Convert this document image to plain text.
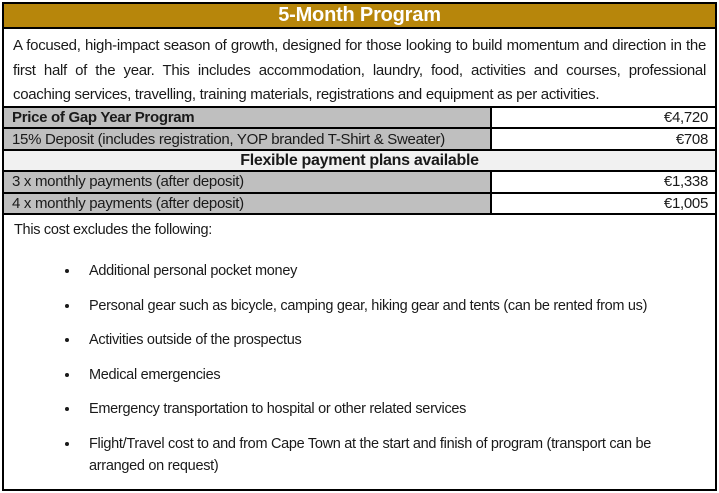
5-Month Program
A focused, high-impact season of growth, designed for those looking to build momentum and direction in the first half of the year. This includes accommodation, laundry, food, activities and courses, professional coaching services, travelling, training materials, registrations and equipment as per activities.
Price of Gap Year Program	€4,720
15% Deposit (includes registration, YOP branded T-Shirt & Sweater)	€708
Flexible payment plans available
3 x monthly payments (after deposit)	€1,338
4 x monthly payments (after deposit)	€1,005
This cost excludes the following:
• Additional personal pocket money
• Personal gear such as bicycle, camping gear, hiking gear and tents (can be rented from us)
• Activities outside of the prospectus
• Medical emergencies
• Emergency transportation to hospital or other related services
• Flight/Travel cost to and from Cape Town at the start and finish of program (transport can be arranged on request)
